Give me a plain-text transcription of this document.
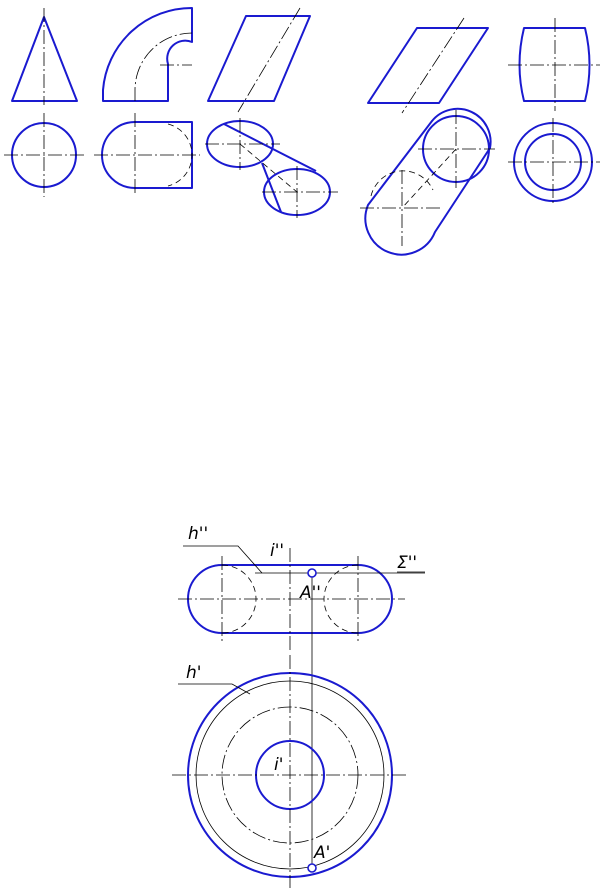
h''
i''
Σ''
A''
h'
i'
A'
